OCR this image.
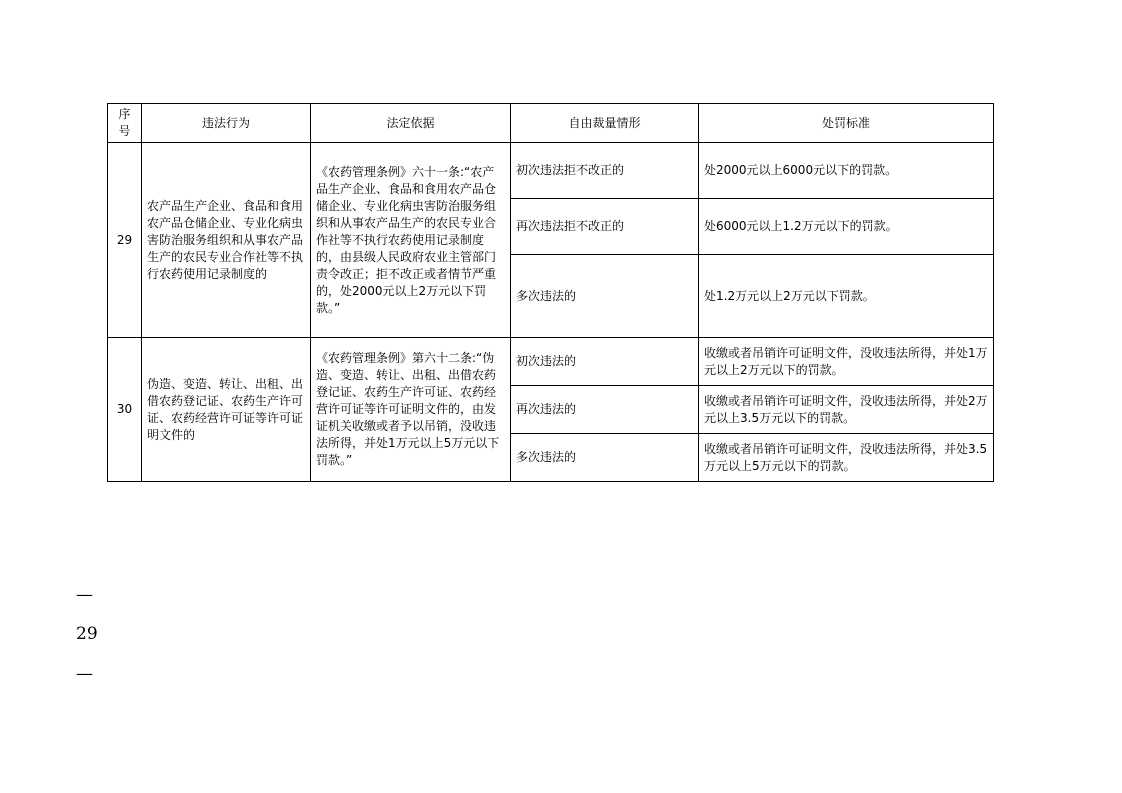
序
号	违法行为	法定依据	自由裁量情形	处罚标准
29	农产品生产企业、食品和食用农产品仓储企业、专业化病虫害防治服务组织和从事农产品生产的农民专业合作社等不执行农药使用记录制度的	《农药管理条例》六十一条:“农产品生产企业、食品和食用农产品仓储企业、专业化病虫害防治服务组织和从事农产品生产的农民专业合作社等不执行农药使用记录制度的，由县级人民政府农业主管部门责令改正；拒不改正或者情节严重的，处2000元以上2万元以下罚款。”	初次违法拒不改正的	处2000元以上6000元以下的罚款。
			再次违法拒不改正的	处6000元以上1.2万元以下的罚款。
			多次违法的	处1.2万元以上2万元以下罚款。
30	伪造、变造、转让、出租、出借农药登记证、农药生产许可证、农药经营许可证等许可证明文件的	《农药管理条例》第六十二条:“伪造、变造、转让、出租、出借农药登记证、农药生产许可证、农药经营许可证等许可证明文件的，由发证机关收缴或者予以吊销，没收违法所得，并处1万元以上5万元以下罚款。”	初次违法的	收缴或者吊销许可证明文件，没收违法所得，并处1万元以上2万元以下的罚款。
			再次违法的	收缴或者吊销许可证明文件，没收违法所得，并处2万元以上3.5万元以下的罚款。
			多次违法的	收缴或者吊销许可证明文件，没收违法所得，并处3.5万元以上5万元以下的罚款。
—
29
—
